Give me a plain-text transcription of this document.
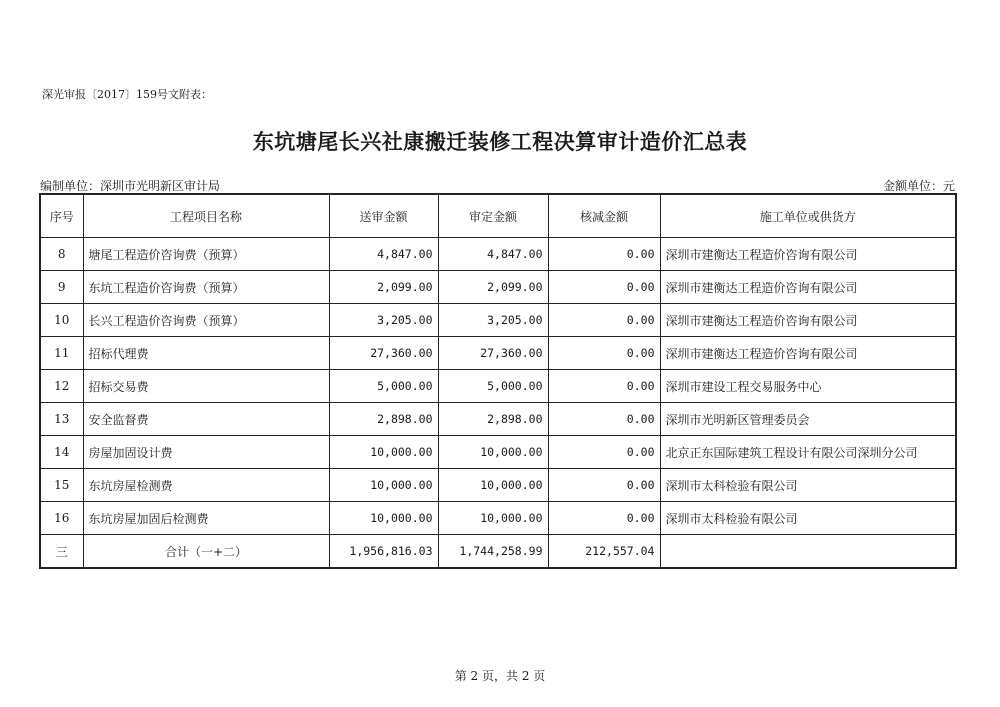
深光审报〔2017〕159号文附表：
东坑塘尾长兴社康搬迁装修工程决算审计造价汇总表
编制单位：深圳市光明新区审计局	金额单位：元
序号	工程项目名称	送审金额	审定金额	核减金额	施工单位或供货方
8	塘尾工程造价咨询费（预算）	4,847.00	4,847.00	0.00	深圳市建衡达工程造价咨询有限公司
9	东坑工程造价咨询费（预算）	2,099.00	2,099.00	0.00	深圳市建衡达工程造价咨询有限公司
10	长兴工程造价咨询费（预算）	3,205.00	3,205.00	0.00	深圳市建衡达工程造价咨询有限公司
11	招标代理费	27,360.00	27,360.00	0.00	深圳市建衡达工程造价咨询有限公司
12	招标交易费	5,000.00	5,000.00	0.00	深圳市建设工程交易服务中心
13	安全监督费	2,898.00	2,898.00	0.00	深圳市光明新区管理委员会
14	房屋加固设计费	10,000.00	10,000.00	0.00	北京正东国际建筑工程设计有限公司深圳分公司
15	东坑房屋检测费	10,000.00	10,000.00	0.00	深圳市太科检验有限公司
16	东坑房屋加固后检测费	10,000.00	10,000.00	0.00	深圳市太科检验有限公司
三	合计（一+二）	1,956,816.03	1,744,258.99	212,557.04	
第 2 页，共 2 页
